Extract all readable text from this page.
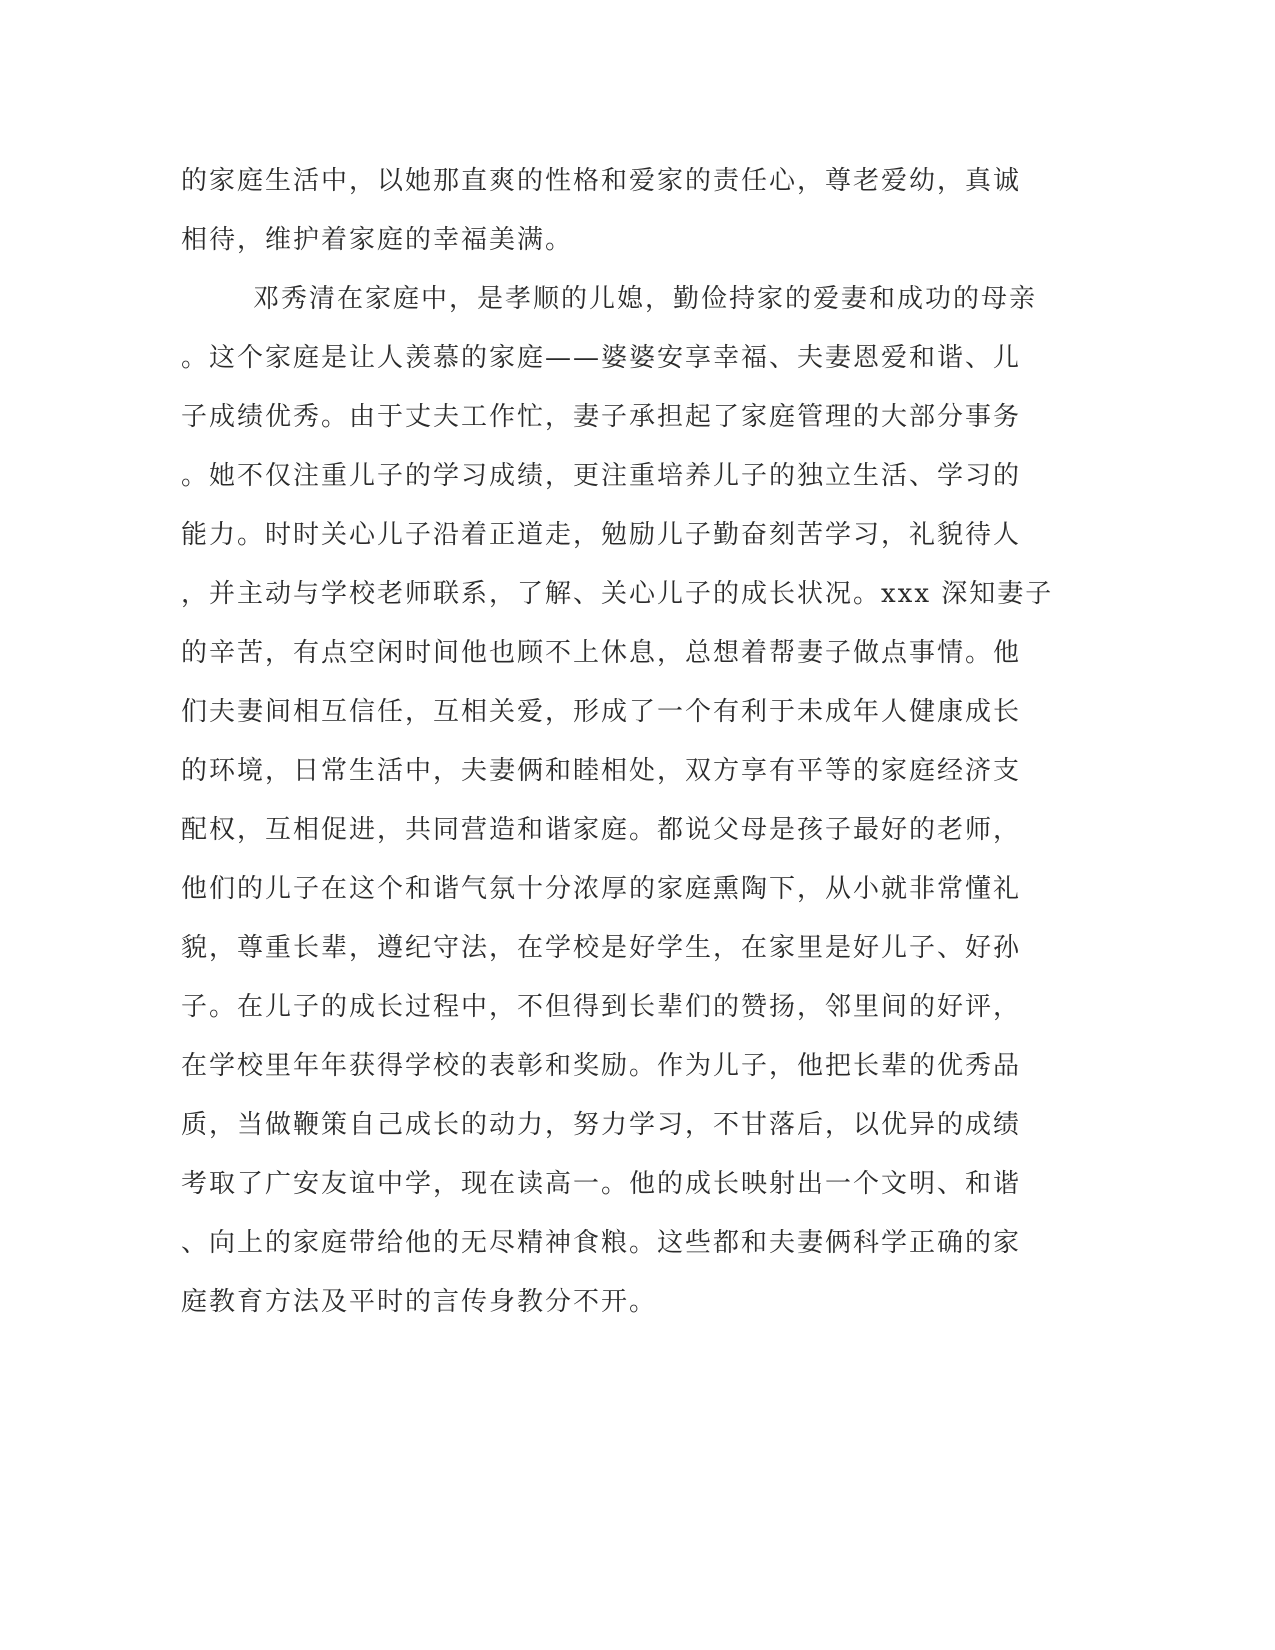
的家庭生活中，以她那直爽的性格和爱家的责任心，尊老爱幼，真诚
相待，维护着家庭的幸福美满。
邓秀清在家庭中，是孝顺的儿媳，勤俭持家的爱妻和成功的母亲
。这个家庭是让人羡慕的家庭——婆婆安享幸福、夫妻恩爱和谐、儿
子成绩优秀。由于丈夫工作忙，妻子承担起了家庭管理的大部分事务
。她不仅注重儿子的学习成绩，更注重培养儿子的独立生活、学习的
能力。时时关心儿子沿着正道走，勉励儿子勤奋刻苦学习，礼貌待人
，并主动与学校老师联系，了解、关心儿子的成长状况。xxx 深知妻子
的辛苦，有点空闲时间他也顾不上休息，总想着帮妻子做点事情。他
们夫妻间相互信任，互相关爱，形成了一个有利于未成年人健康成长
的环境，日常生活中，夫妻俩和睦相处，双方享有平等的家庭经济支
配权，互相促进，共同营造和谐家庭。都说父母是孩子最好的老师，
他们的儿子在这个和谐气氛十分浓厚的家庭熏陶下，从小就非常懂礼
貌，尊重长辈，遵纪守法，在学校是好学生，在家里是好儿子、好孙
子。在儿子的成长过程中，不但得到长辈们的赞扬，邻里间的好评，
在学校里年年获得学校的表彰和奖励。作为儿子，他把长辈的优秀品
质，当做鞭策自己成长的动力，努力学习，不甘落后，以优异的成绩
考取了广安友谊中学，现在读高一。他的成长映射出一个文明、和谐
、向上的家庭带给他的无尽精神食粮。这些都和夫妻俩科学正确的家
庭教育方法及平时的言传身教分不开。
